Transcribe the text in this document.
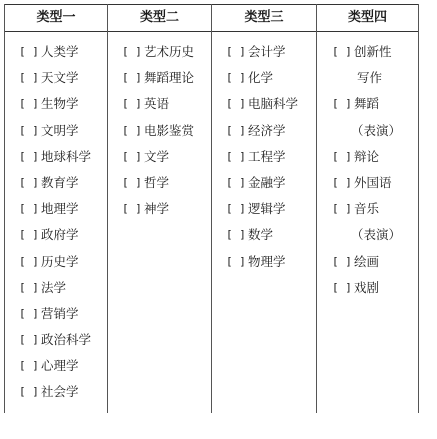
类型一
[ ] 人类学
[ ] 天文学
[ ] 生物学
[ ] 文明学
[ ] 地球科学
[ ] 教育学
[ ] 地理学
[ ] 政府学
[ ] 历史学
[ ] 法学
[ ] 营销学
[ ] 政治科学
[ ] 心理学
[ ] 社会学
类型二
[ ] 艺术历史
[ ] 舞蹈理论
[ ] 英语
[ ] 电影鉴赏
[ ] 文学
[ ] 哲学
[ ] 神学
类型三
[ ] 会计学
[ ] 化学
[ ] 电脑科学
[ ] 经济学
[ ] 工程学
[ ] 金融学
[ ] 逻辑学
[ ] 数学
[ ] 物理学
类型四
[ ] 创新性
写作
[ ] 舞蹈
（表演）
[ ] 辩论
[ ] 外国语
[ ] 音乐
（表演）
[ ] 绘画
[ ] 戏剧
